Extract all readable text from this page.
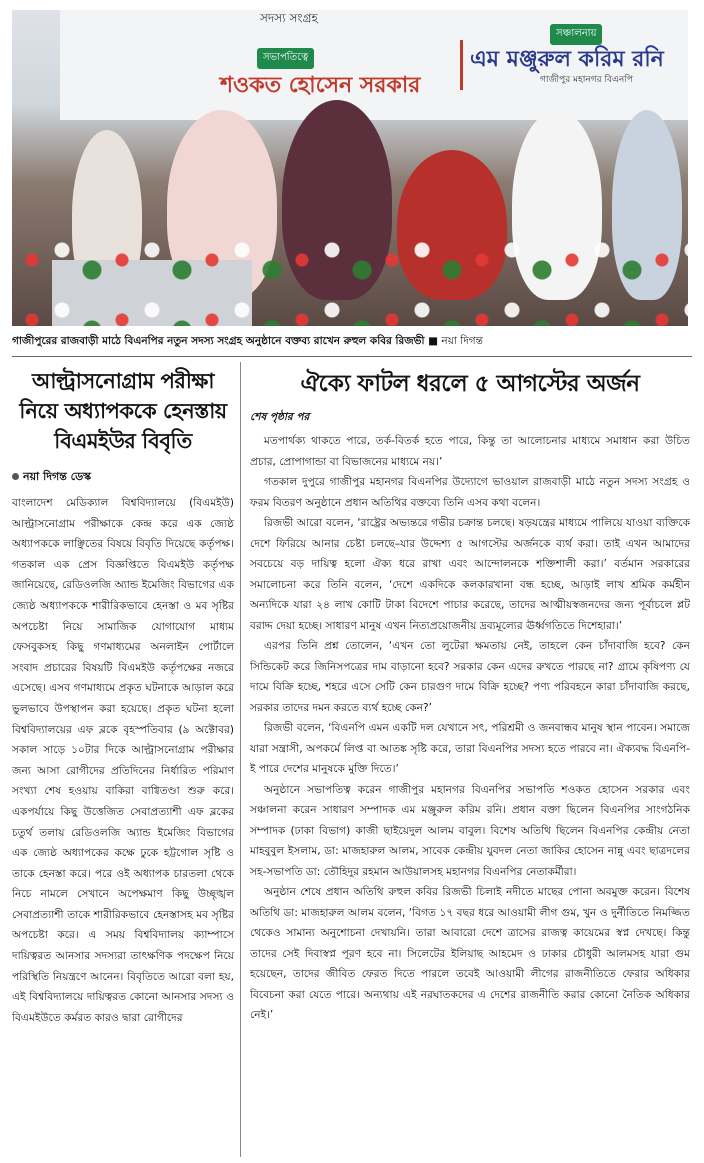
সদস্য সংগ্রহ
সভাপতিত্বে
শওকত হোসেন সরকার
সঞ্চালনায়
এম মঞ্জুরুল করিম রনি
গাজীপুর মহানগর বিএনপি
গাজীপুরের রাজবাড়ী মাঠে বিএনপির নতুন সদস্য সংগ্রহ অনুষ্ঠানে বক্তব্য রাখেন রুহুল কবির রিজভী ■ নয়া দিগন্ত
আল্ট্রাসনোগ্রাম পরীক্ষা নিয়ে অধ্যাপককে হেনস্তায় বিএমইউর বিবৃতি
নয়া দিগন্ত ডেস্ক
বাংলাদেশ মেডিক্যাল বিশ্ববিদ্যালয়ে (বিএমইউ) আল্ট্রাসনোগ্রাম পরীক্ষাকে কেন্দ্র করে এক জ্যেষ্ঠ অধ্যাপককে লাঞ্ছিতের বিষয়ে বিবৃতি দিয়েছে কর্তৃপক্ষ। গতকাল এক প্রেস বিজ্ঞপ্তিতে বিএমইউ কর্তৃপক্ষ জানিয়েছে, রেডিওলজি অ্যান্ড ইমেজিং বিভাগের এক জ্যেষ্ঠ অধ্যাপককে শারীরিকভাবে হেনস্তা ও মব সৃষ্টির অপচেষ্টা নিয়ে সামাজিক যোগাযোগ মাধ্যম ফেসবুকসহ কিছু গণমাধ্যমের অনলাইন পোর্টালে সংবাদ প্রচারের বিষয়টি বিএমইউ কর্তৃপক্ষের নজরে এসেছে। এসব গণমাধ্যমে প্রকৃত ঘটনাকে আড়াল করে ভুলভাবে উপস্থাপন করা হয়েছে। প্রকৃত ঘটনা হলো বিশ্ববিদ্যালয়ের এফ ব্লকে বৃহস্পতিবার (৯ অক্টোবর) সকাল সাড়ে ১০টার দিকে আল্ট্রাসনোগ্রাম পরীক্ষার জন্য আসা রোগীদের প্রতিদিনের নির্ধারিত পরিমাণ সংখ্যা শেষ হওয়ায় বাকিরা বাগ্বিতণ্ডা শুরু করে। একপর্যায়ে কিছু উত্তেজিত সেবাপ্রত্যাশী এফ ব্লকের চতুর্থ তলায় রেডিওলজি অ্যান্ড ইমেজিং বিভাগের এক জ্যেষ্ঠ অধ্যাপকের কক্ষে ঢুকে হট্টগোল সৃষ্টি ও তাকে হেনস্তা করে। পরে ওই অধ্যাপক চারতলা থেকে নিচে নামলে সেখানে অপেক্ষমাণ কিছু উচ্ছৃঙ্খল সেবাপ্রত্যাশী তাকে শারীরিকভাবে হেনস্তাসহ মব সৃষ্টির অপচেষ্টা করে। এ সময় বিশ্ববিদ্যালয় ক্যাম্পাসে দায়িত্বরত আনসার সদস্যরা তাৎক্ষণিক পদক্ষেপ নিয়ে পরিস্থিতি নিয়ন্ত্রণে আনেন। বিবৃতিতে আরো বলা হয়, এই বিশ্ববিদ্যালয়ে দায়িত্বরত কোনো আনসার সদস্য ও বিএমইউতে কর্মরত কারও দ্বারা রোগীদের
ঐক্যে ফাটল ধরলে ৫ আগস্টের অর্জন
শেষ পৃষ্ঠার পর

মতপার্থক্য থাকতে পারে, তর্ক-বিতর্ক হতে পারে, কিন্তু তা আলোচনার মাধ্যমে সমাধান করা উচিত প্রচার, প্রোপাগান্ডা বা বিভাজনের মাধ্যমে নয়।’

গতকাল দুপুরে গাজীপুর মহানগর বিএনপির উদ্যোগে ভাওয়াল রাজবাড়ী মাঠে নতুন সদস্য সংগ্রহ ও ফরম বিতরণ অনুষ্ঠানে প্রধান অতিথির বক্তব্যে তিনি এসব কথা বলেন।

রিজভী আরো বলেন, ‘রাষ্ট্রের অভ্যন্তরে গভীর চক্রান্ত চলছে। ষড়যন্ত্রের মাধ্যমে পালিয়ে যাওয়া ব্যক্তিকে দেশে ফিরিয়ে আনার চেষ্টা চলছে–যার উদ্দেশ্য ৫ আগস্টের অর্জনকে ব্যর্থ করা। তাই এখন আমাদের সবচেয়ে বড় দায়িত্ব হলো ঐক্য ধরে রাখা এবং আন্দোলনকে শক্তিশালী করা।’ বর্তমান সরকারের সমালোচনা করে তিনি বলেন, ‘দেশে একদিকে কলকারখানা বন্ধ হচ্ছে, আড়াই লাখ শ্রমিক কর্মহীন অন্যদিকে যারা ২৪ লাখ কোটি টাকা বিদেশে পাচার করেছে, তাদের আত্মীয়স্বজনদের জন্য পূর্বাচলে প্লট বরাদ্দ দেয়া হচ্ছে। সাধারণ মানুষ এখন নিত্যপ্রয়োজনীয় দ্রব্যমূল্যের ঊর্ধ্বগতিতে দিশেহারা।’

এরপর তিনি প্রশ্ন তোলেন, ‘এখন তো লুটেরা ক্ষমতায় নেই, তাহলে কেন চাঁদাবাজি হবে? কেন সিন্ডিকেট করে জিনিসপত্রের দাম বাড়ানো হবে? সরকার কেন এদের রুখতে পারছে না? গ্রামে কৃষিপণ্য যে দামে বিক্রি হচ্ছে, শহরে এসে সেটি কেন চারগুণ দামে বিক্রি হচ্ছে? পণ্য পরিবহনে কারা চাঁদাবাজি করছে, সরকার তাদের দমন করতে ব্যর্থ হচ্ছে কেন?’

রিজভী বলেন, ‘বিএনপি এমন একটি দল যেখানে সৎ, পরিশ্রমী ও জনবান্ধব মানুষ স্থান পাবেন। সমাজে যারা সন্ত্রাসী, অপকর্মে লিপ্ত বা আতঙ্ক সৃষ্টি করে, তারা বিএনপির সদস্য হতে পারবে না। ঐক্যবদ্ধ বিএনপি-ই পারে দেশের মানুষকে মুক্তি দিতে।’

অনুষ্ঠানে সভাপতিত্ব করেন গাজীপুর মহানগর বিএনপির সভাপতি শওকত হোসেন সরকার এবং সঞ্চালনা করেন সাধারণ সম্পাদক এম মঞ্জুরুল করিম রনি। প্রধান বক্তা ছিলেন বিএনপির সাংগঠনিক সম্পাদক (ঢাকা বিভাগ) কাজী ছাইয়েদুল আলম বাবুল। বিশেষ অতিথি ছিলেন বিএনপির কেন্দ্রীয় নেতা মাহবুবুল ইসলাম, ডা: মাজহারুল আলম, সাবেক কেন্দ্রীয় যুবদল নেতা জাকির হোসেন নান্নু এবং ছাত্রদলের সহ-সভাপতি ডা: তৌহিদুর রহমান আউয়ালসহ মহানগর বিএনপির নেতাকর্মীরা।

অনুষ্ঠান শেষে প্রধান অতিথি রুহুল কবির রিজভী চিলাই নদীতে মাছের পোনা অবমুক্ত করেন। বিশেষ অতিথি ডা: মাজহারুল আলম বলেন, ‘বিগত ১৭ বছর ধরে আওয়ামী লীগ গুম, খুন ও দুর্নীতিতে নিমজ্জিত থেকেও সামান্য অনুশোচনা দেখায়নি। তারা আবারো দেশে ত্রাসের রাজত্ব কায়েমের স্বপ্ন দেখছে। কিন্তু তাদের সেই দিবাস্বপ্ন পূরণ হবে না। সিলেটের ইলিয়াছ আহমেদ ও ঢাকার চৌধুরী আলমসহ যারা গুম হয়েছেন, তাদের জীবিত ফেরত দিতে পারলে তবেই আওয়ামী লীগের রাজনীতিতে ফেরার অধিকার বিবেচনা করা যেতে পারে। অন্যথায় এই নরঘাতকদের এ দেশের রাজনীতি করার কোনো নৈতিক অধিকার নেই।’
